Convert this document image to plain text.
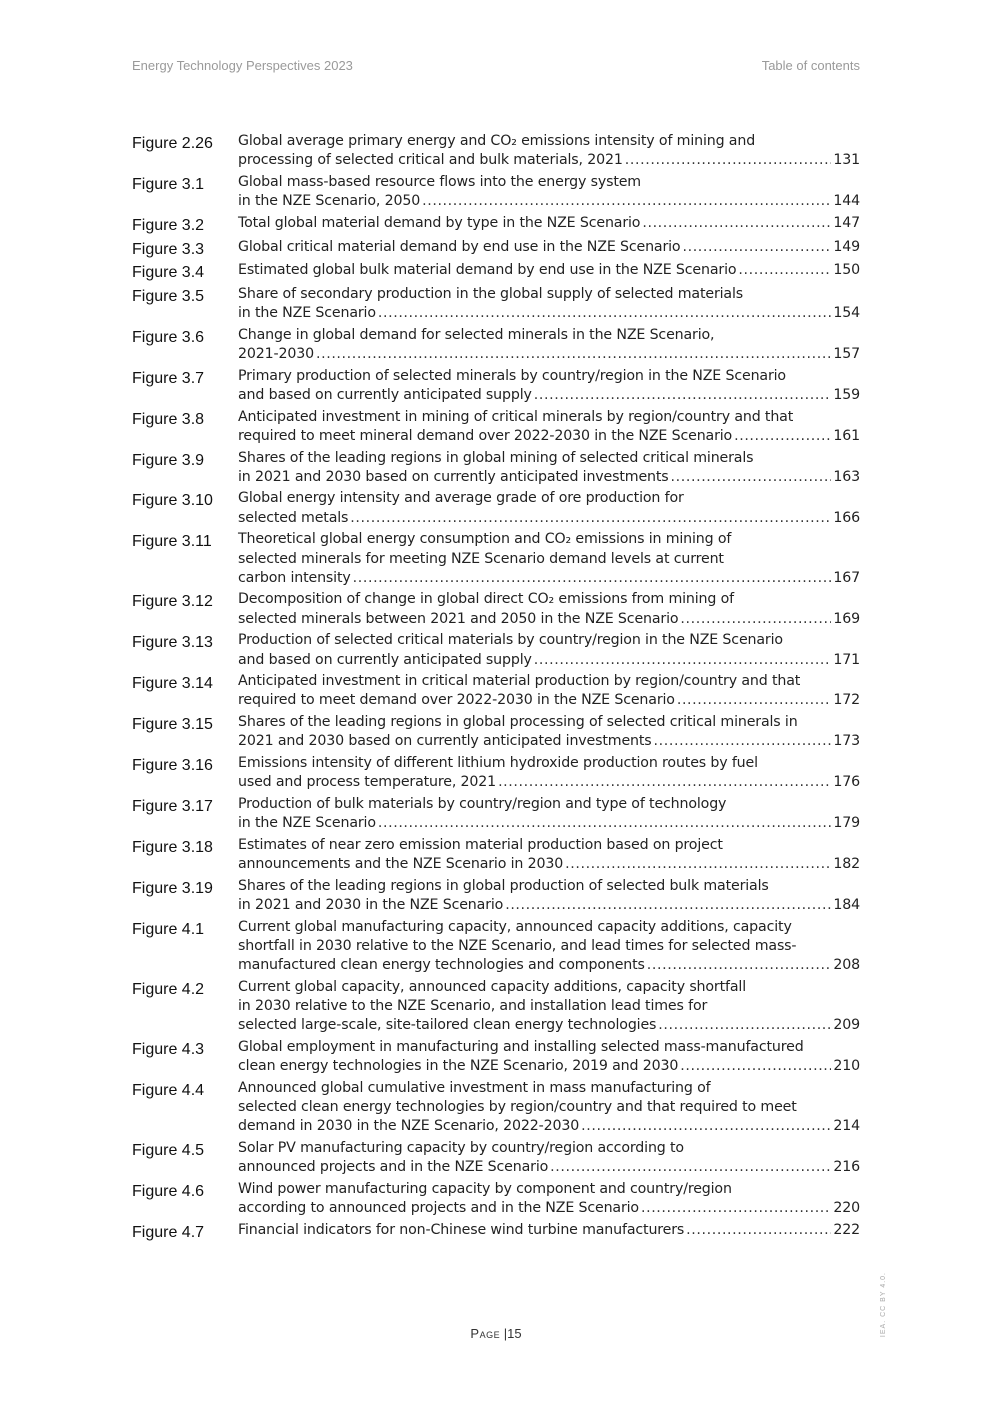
Energy Technology Perspectives 2023	Table of contents
Figure 2.26	Global average primary energy and CO₂ emissions intensity of mining and
processing of selected critical and bulk materials, 2021 .....	131
Figure 3.1	Global mass-based resource flows into the energy system
in the NZE Scenario, 2050 .....	144
Figure 3.2	Total global material demand by type in the NZE Scenario .....	147
Figure 3.3	Global critical material demand by end use in the NZE Scenario .....	149
Figure 3.4	Estimated global bulk material demand by end use in the NZE Scenario .....	150
Figure 3.5	Share of secondary production in the global supply of selected materials
in the NZE Scenario .....	154
Figure 3.6	Change in global demand for selected minerals in the NZE Scenario,
2021-2030 .....	157
Figure 3.7	Primary production of selected minerals by country/region in the NZE Scenario
and based on currently anticipated supply .....	159
Figure 3.8	Anticipated investment in mining of critical minerals by region/country and that
required to meet mineral demand over 2022-2030 in the NZE Scenario .....	161
Figure 3.9	Shares of the leading regions in global mining of selected critical minerals
in 2021 and 2030 based on currently anticipated investments .....	163
Figure 3.10	Global energy intensity and average grade of ore production for
selected metals .....	166
Figure 3.11	Theoretical global energy consumption and CO₂ emissions in mining of
selected minerals for meeting NZE Scenario demand levels at current
carbon intensity .....	167
Figure 3.12	Decomposition of change in global direct CO₂ emissions from mining of
selected minerals between 2021 and 2050 in the NZE Scenario .....	169
Figure 3.13	Production of selected critical materials by country/region in the NZE Scenario
and based on currently anticipated supply .....	171
Figure 3.14	Anticipated investment in critical material production by region/country and that
required to meet demand over 2022-2030 in the NZE Scenario .....	172
Figure 3.15	Shares of the leading regions in global processing of selected critical minerals in
2021 and 2030 based on currently anticipated investments .....	173
Figure 3.16	Emissions intensity of different lithium hydroxide production routes by fuel
used and process temperature, 2021 .....	176
Figure 3.17	Production of bulk materials by country/region and type of technology
in the NZE Scenario .....	179
Figure 3.18	Estimates of near zero emission material production based on project
announcements and the NZE Scenario in 2030 .....	182
Figure 3.19	Shares of the leading regions in global production of selected bulk materials
in 2021 and 2030 in the NZE Scenario .....	184
Figure 4.1	Current global manufacturing capacity, announced capacity additions, capacity
shortfall in 2030 relative to the NZE Scenario, and lead times for selected mass-
manufactured clean energy technologies and components .....	208
Figure 4.2	Current global capacity, announced capacity additions, capacity shortfall
in 2030 relative to the NZE Scenario, and installation lead times for
selected large-scale, site-tailored clean energy technologies .....	209
Figure 4.3	Global employment in manufacturing and installing selected mass-manufactured
clean energy technologies in the NZE Scenario, 2019 and 2030 .....	210
Figure 4.4	Announced global cumulative investment in mass manufacturing of
selected clean energy technologies by region/country and that required to meet
demand in 2030 in the NZE Scenario, 2022-2030 .....	214
Figure 4.5	Solar PV manufacturing capacity by country/region according to
announced projects and in the NZE Scenario .....	216
Figure 4.6	Wind power manufacturing capacity by component and country/region
according to announced projects and in the NZE Scenario .....	220
Figure 4.7	Financial indicators for non-Chinese wind turbine manufacturers .....	222
Page |15	IEA. CC BY 4.0.
